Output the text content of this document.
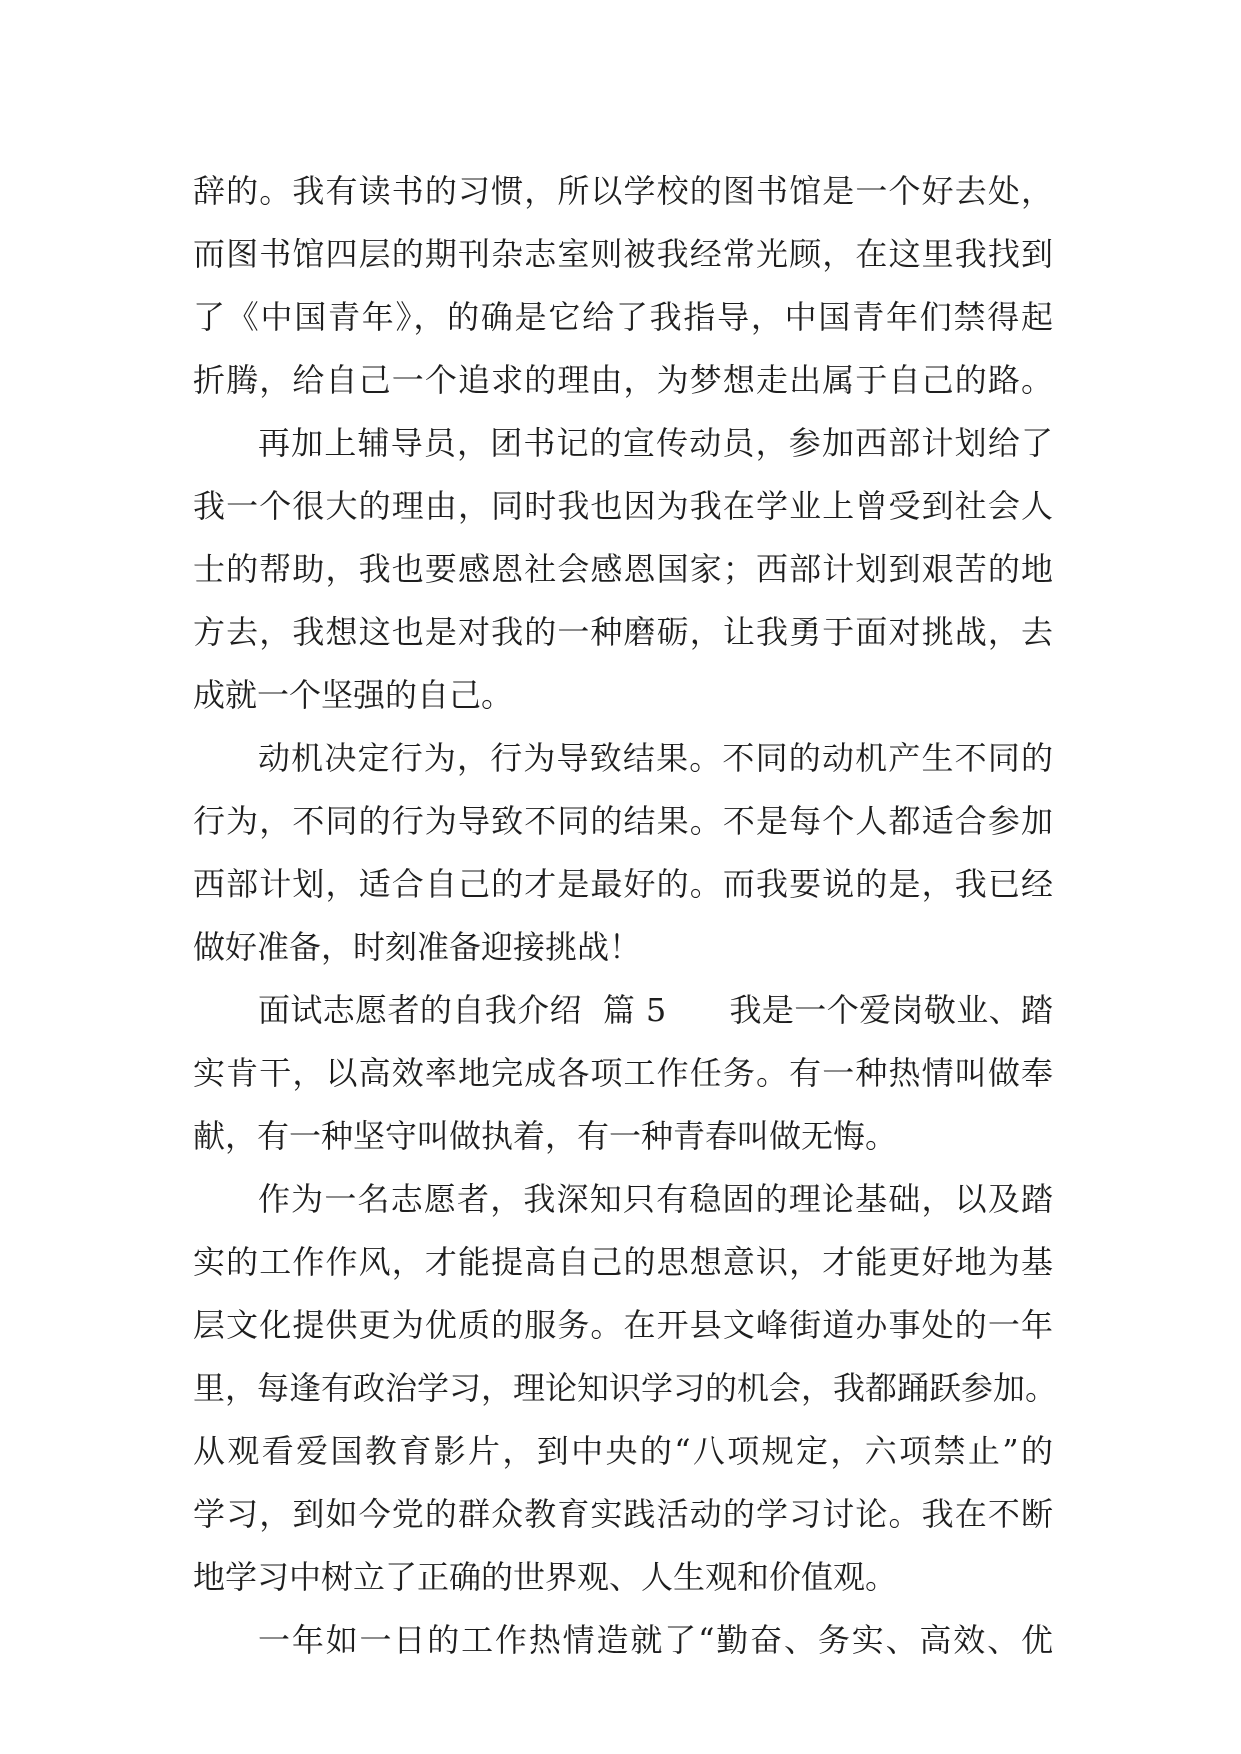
辞的。我有读书的习惯，所以学校的图书馆是一个好去处，

而图书馆四层的期刊杂志室则被我经常光顾，在这里我找到

了《中国青年》，的确是它给了我指导，中国青年们禁得起

折腾，给自己一个追求的理由，为梦想走出属于自己的路。

再加上辅导员，团书记的宣传动员，参加西部计划给了

我一个很大的理由，同时我也因为我在学业上曾受到社会人

士的帮助，我也要感恩社会感恩国家；西部计划到艰苦的地

方去，我想这也是对我的一种磨砺，让我勇于面对挑战，去

成就一个坚强的自己。

动机决定行为，行为导致结果。不同的动机产生不同的

行为，不同的行为导致不同的结果。不是每个人都适合参加

西部计划，适合自己的才是最好的。而我要说的是，我已经

做好准备，时刻准备迎接挑战！

面试志愿者的自我介绍  篇 5      我是一个爱岗敬业、踏

实肯干，以高效率地完成各项工作任务。有一种热情叫做奉

献，有一种坚守叫做执着，有一种青春叫做无悔。

作为一名志愿者，我深知只有稳固的理论基础，以及踏

实的工作作风，才能提高自己的思想意识，才能更好地为基

层文化提供更为优质的服务。在开县文峰街道办事处的一年

里，每逢有政治学习，理论知识学习的机会，我都踊跃参加。

从观看爱国教育影片，到中央的“八项规定，六项禁止”的

学习，到如今党的群众教育实践活动的学习讨论。我在不断

地学习中树立了正确的世界观、人生观和价值观。

一年如一日的工作热情造就了“勤奋、务实、高效、优
